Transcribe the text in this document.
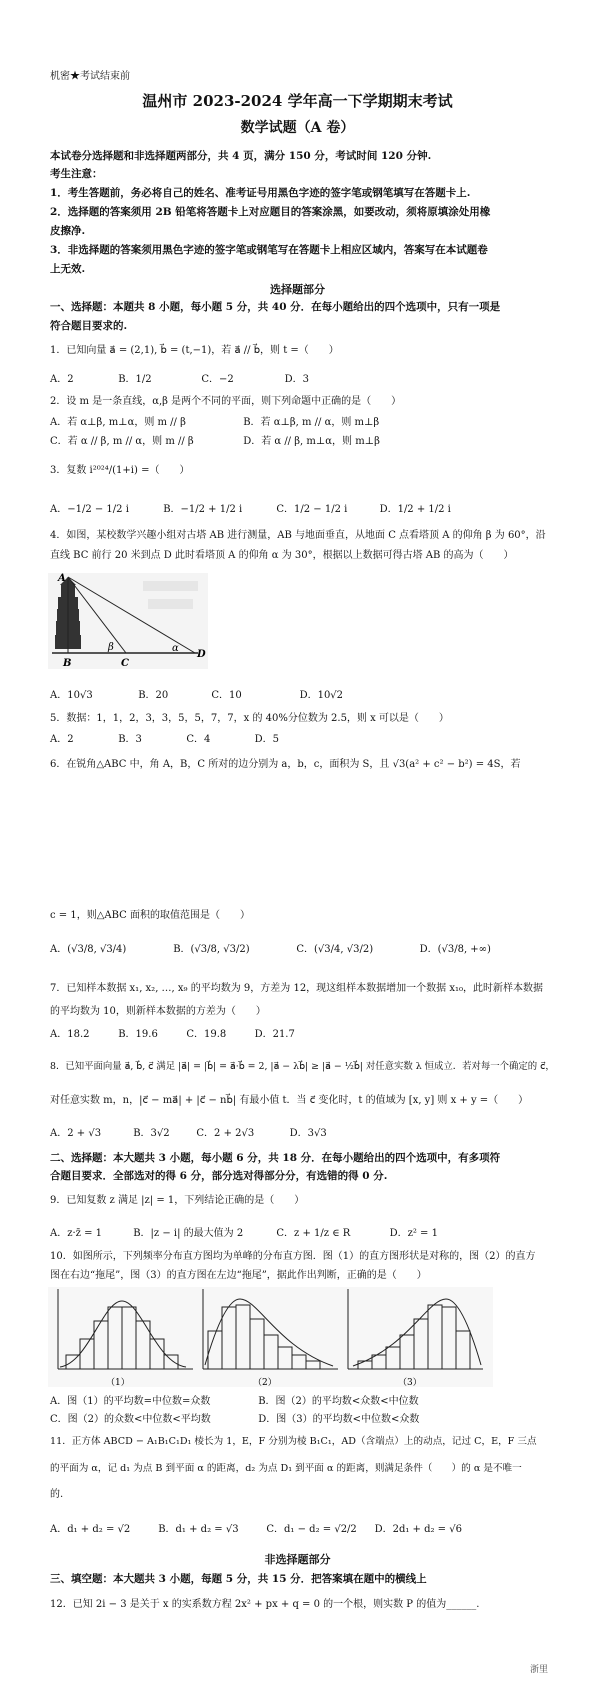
机密★考试结束前
温州市 2023-2024 学年高一下学期期末考试
数学试题（A 卷）
本试卷分选择题和非选择题两部分，共 4 页，满分 150 分，考试时间 120 分钟.
考生注意：
1．考生答题前，务必将自己的姓名、准考证号用黑色字迹的签字笔或钢笔填写在答题卡上.
2．选择题的答案须用 2B 铅笔将答题卡上对应题目的答案涂黑，如要改动，须将原填涂处用橡
皮擦净.
3．非选择题的答案须用黑色字迹的签字笔或钢笔写在答题卡上相应区域内，答案写在本试题卷
上无效.
选择题部分
一、选择题：本题共 8 小题，每小题 5 分，共 40 分．在每小题给出的四个选项中，只有一项是
符合题目要求的.
1．已知向量 a⃗ = (2,1), b⃗ = (t,−1)，若 a⃗ // b⃗，则 t =（　　）
A．2	B．1/2	C．−2	D．3
2．设 m 是一条直线，α,β 是两个不同的平面，则下列命题中正确的是（　　）
A．若 α⊥β, m⊥α，则 m // β	B．若 α⊥β, m // α，则 m⊥β
C．若 α // β, m // α，则 m // β	D．若 α // β, m⊥α，则 m⊥β
3．复数 i²⁰²⁴/(1+i) =（　　）
A．−1/2 − 1/2 i	B．−1/2 + 1/2 i	C．1/2 − 1/2 i	D．1/2 + 1/2 i
4．如图，某校数学兴趣小组对古塔 AB 进行测量，AB 与地面垂直，从地面 C 点看塔顶 A 的仰角 β 为 60°，沿
直线 BC 前行 20 米到点 D 此时看塔顶 A 的仰角 α 为 30°，根据以上数据可得古塔 AB 的高为（　　）
A
B	C
D
β	α
A．10√3	B．20	C．10	D．10√2
5．数据：1，1，2，3，3，5，5，7，7，x 的 40%分位数为 2.5，则 x 可以是（　　）
A．2	B．3	C．4	D．5
6．在锐角△ABC 中，角 A，B，C 所对的边分别为 a，b，c，面积为 S，且 √3(a² + c² − b²) = 4S，若
c = 1，则△ABC 面积的取值范围是（　　）
A．(√3/8, √3/4)	B．(√3/8, √3/2)	C．(√3/4, √3/2)	D．(√3/8, +∞)
7．已知样本数据 x₁, x₂, …, x₉ 的平均数为 9，方差为 12，现这组样本数据增加一个数据 x₁₀，此时新样本数据
的平均数为 10，则新样本数据的方差为（　　）
A．18.2	B．19.6	C．19.8	D．21.7
8．已知平面向量 a⃗, b⃗, c⃗ 满足 |a⃗| = |b⃗| = a⃗·b⃗ = 2, |a⃗ − λb⃗| ≥ |a⃗ − ½b⃗| 对任意实数 λ 恒成立．若对每一个确定的 c⃗，
对任意实数 m，n，|c⃗ − ma⃗| + |c⃗ − nb⃗| 有最小值 t．当 c⃗ 变化时，t 的值域为 [x, y] 则 x + y =（　　）
A．2 + √3	B．3√2	C．2 + 2√3	D．3√3
二、选择题：本大题共 3 小题，每小题 6 分，共 18 分．在每小题给出的四个选项中，有多项符
合题目要求．全部选对的得 6 分，部分选对得部分分，有选错的得 0 分.
9．已知复数 z 满足 |z| = 1，下列结论正确的是（　　）
A．z·z̄ = 1	B．|z − i| 的最大值为 2	C．z + 1/z ∈ R	D．z² = 1
10．如图所示，下列频率分布直方图均为单峰的分布直方图．图（1）的直方图形状是对称的，图（2）的直方
图在右边“拖尾”，图（3）的直方图在左边“拖尾”，据此作出判断，正确的是（　　）
（1）	（2）	（3）
A．图（1）的平均数=中位数=众数	B．图（2）的平均数<众数<中位数
C．图（2）的众数<中位数<平均数	D．图（3）的平均数<中位数<众数
11．正方体 ABCD − A₁B₁C₁D₁ 棱长为 1，E，F 分别为棱 B₁C₁，AD（含端点）上的动点，记过 C，E，F 三点
的平面为 α，记 d₁ 为点 B 到平面 α 的距离，d₂ 为点 D₁ 到平面 α 的距离，则满足条件（　　）的 α 是不唯一
的.
A．d₁ + d₂ = √2	B．d₁ + d₂ = √3	C．d₁ − d₂ = √2/2 D．2d₁ + d₂ = √6
非选择题部分
三、填空题：本大题共 3 小题，每题 5 分，共 15 分．把答案填在题中的横线上
12．已知 2i − 3 是关于 x 的实系数方程 2x² + px + q = 0 的一个根，则实数 P 的值为______.
浙里
